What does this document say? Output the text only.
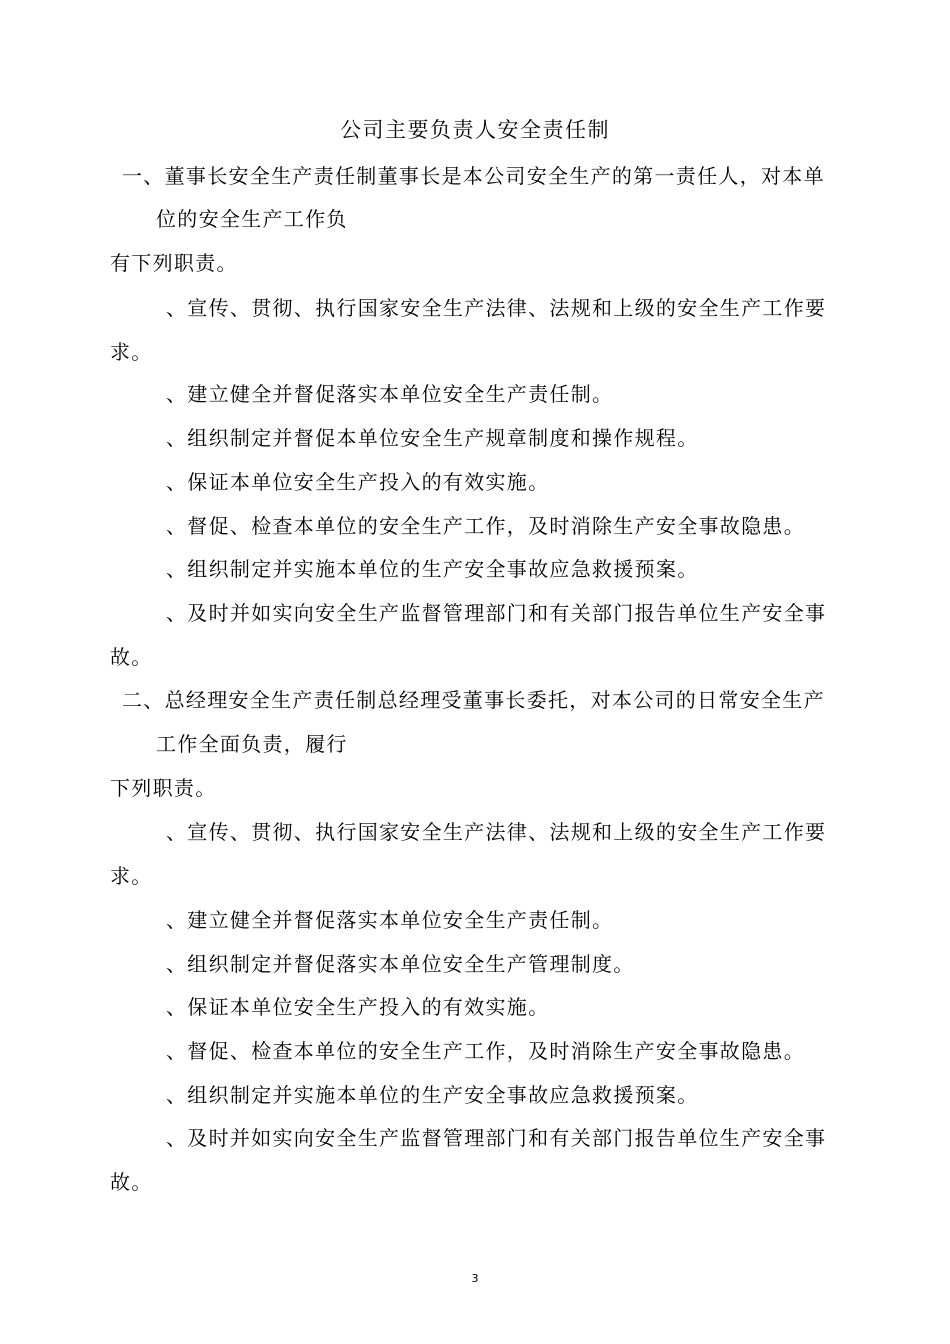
公司主要负责人安全责任制
一、董事长安全生产责任制董事长是本公司安全生产的第一责任人，对本单
位的安全生产工作负
有下列职责。
、宣传、贯彻、执行国家安全生产法律、法规和上级的安全生产工作要
求。
、建立健全并督促落实本单位安全生产责任制。
、组织制定并督促本单位安全生产规章制度和操作规程。
、保证本单位安全生产投入的有效实施。
、督促、检查本单位的安全生产工作，及时消除生产安全事故隐患。
、组织制定并实施本单位的生产安全事故应急救援预案。
、及时并如实向安全生产监督管理部门和有关部门报告单位生产安全事
故。
二、总经理安全生产责任制总经理受董事长委托，对本公司的日常安全生产
工作全面负责，履行
下列职责。
、宣传、贯彻、执行国家安全生产法律、法规和上级的安全生产工作要
求。
、建立健全并督促落实本单位安全生产责任制。
、组织制定并督促落实本单位安全生产管理制度。
、保证本单位安全生产投入的有效实施。
、督促、检查本单位的安全生产工作，及时消除生产安全事故隐患。
、组织制定并实施本单位的生产安全事故应急救援预案。
、及时并如实向安全生产监督管理部门和有关部门报告单位生产安全事
故。
3
